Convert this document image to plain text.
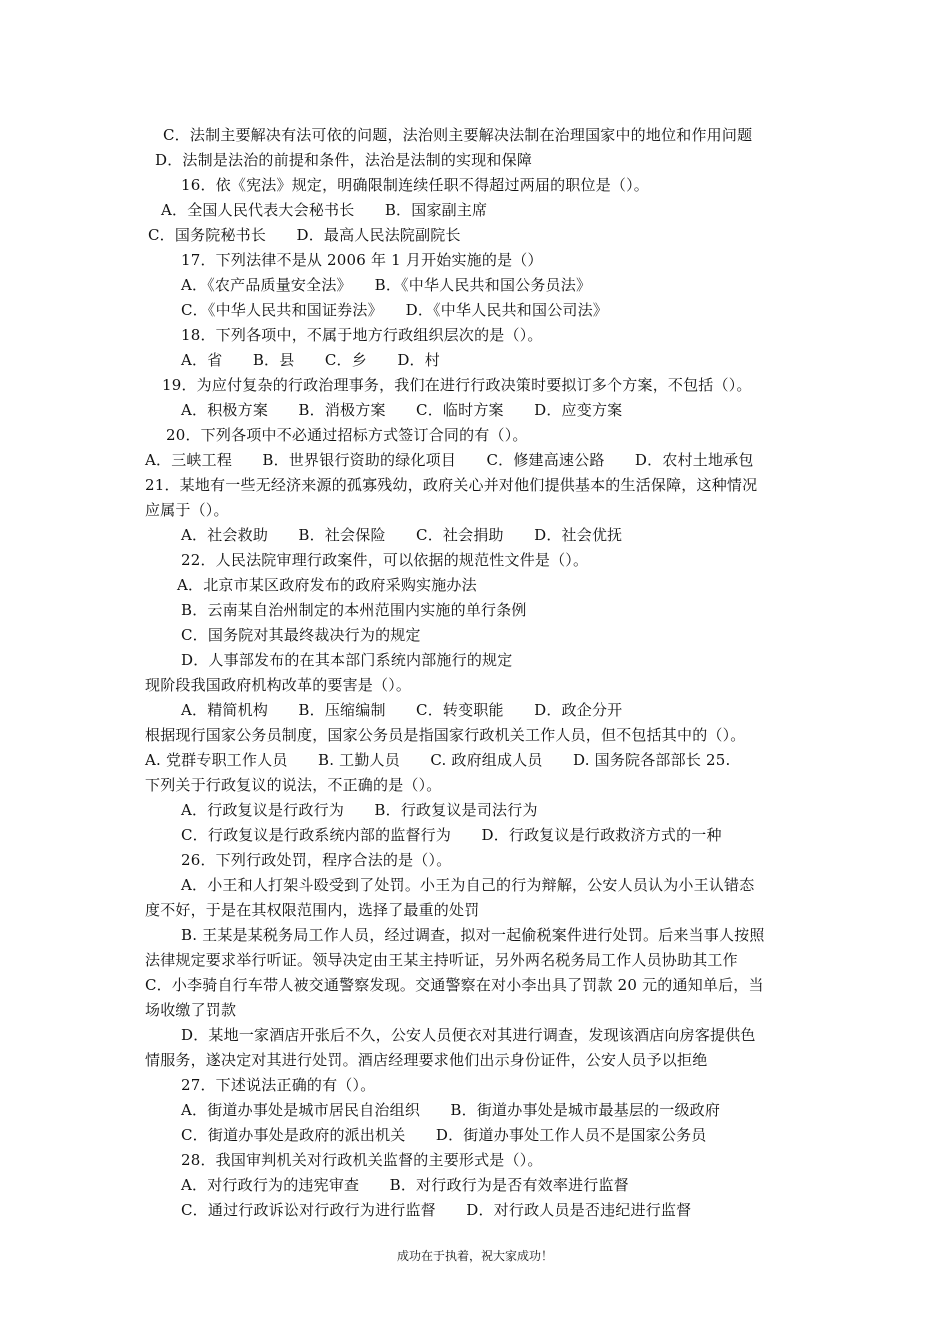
C．法制主要解决有法可依的问题，法治则主要解决法制在治理国家中的地位和作用问题
D．法制是法治的前提和条件，法治是法制的实现和保障
16．依《宪法》规定，明确限制连续任职不得超过两届的职位是（）。
A．全国人民代表大会秘书长　　B．国家副主席
C．国务院秘书长　　D．最高人民法院副院长
17．下列法律不是从 2006 年 1 月开始实施的是（）
A．《农产品质量安全法》　　B．《中华人民共和国公务员法》
C．《中华人民共和国证券法》　　D．《中华人民共和国公司法》
18．下列各项中，不属于地方行政组织层次的是（）。
A．省　　B．县　　C．乡　　D．村
19．为应付复杂的行政治理事务，我们在进行行政决策时要拟订多个方案，不包括（）。
A．积极方案　　B．消极方案　　C．临时方案　　D．应变方案
20．下列各项中不必通过招标方式签订合同的有（）。
A．三峡工程　　B．世界银行资助的绿化项目　　C．修建高速公路　　D．农村土地承包
21．某地有一些无经济来源的孤寡残幼，政府关心并对他们提供基本的生活保障，这种情况
应属于（）。
A．社会救助　　B．社会保险　　C．社会捐助　　D．社会优抚
22．人民法院审理行政案件，可以依据的规范性文件是（）。
A．北京市某区政府发布的政府采购实施办法
B．云南某自治州制定的本州范围内实施的单行条例
C．国务院对其最终裁决行为的规定
D．人事部发布的在其本部门系统内部施行的规定
现阶段我国政府机构改革的要害是（）。
A．精简机构　　B．压缩编制　　C．转变职能　　D．政企分开
根据现行国家公务员制度，国家公务员是指国家行政机关工作人员，但不包括其中的（）。
A. 党群专职工作人员　　B. 工勤人员　　C. 政府组成人员　　D. 国务院各部部长 25.
下列关于行政复议的说法，不正确的是（）。
A．行政复议是行政行为　　B．行政复议是司法行为
C．行政复议是行政系统内部的监督行为　　D．行政复议是行政救济方式的一种
26．下列行政处罚，程序合法的是（）。
A．小王和人打架斗殴受到了处罚。小王为自己的行为辩解，公安人员认为小王认错态
度不好，于是在其权限范围内，选择了最重的处罚
B. 王某是某税务局工作人员，经过调查，拟对一起偷税案件进行处罚。后来当事人按照
法律规定要求举行听证。领导决定由王某主持听证，另外两名税务局工作人员协助其工作
C．小李骑自行车带人被交通警察发现。交通警察在对小李出具了罚款 20 元的通知单后，当
场收缴了罚款
D．某地一家酒店开张后不久，公安人员便衣对其进行调查，发现该酒店向房客提供色
情服务，遂决定对其进行处罚。酒店经理要求他们出示身份证件，公安人员予以拒绝
27．下述说法正确的有（）。
A．街道办事处是城市居民自治组织　　B．街道办事处是城市最基层的一级政府
C．街道办事处是政府的派出机关　　D．街道办事处工作人员不是国家公务员
28．我国审判机关对行政机关监督的主要形式是（）。
A．对行政行为的违宪审查　　B．对行政行为是否有效率进行监督
C．通过行政诉讼对行政行为进行监督　　D．对行政人员是否违纪进行监督
成功在于执着，祝大家成功！
